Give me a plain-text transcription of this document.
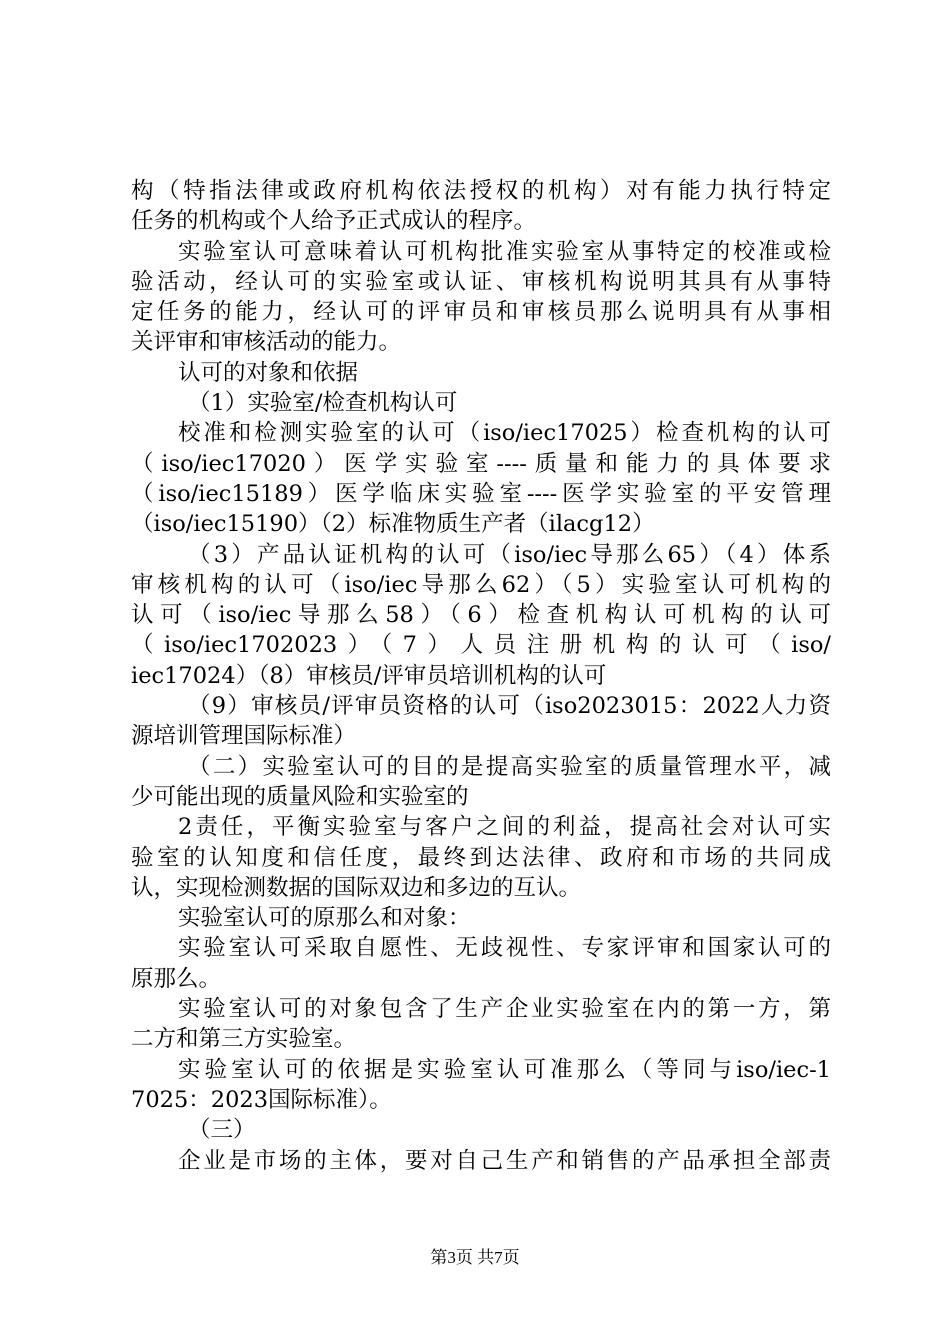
构（特指法律或政府机构依法授权的机构）对有能力执行特定
任务的机构或个人给予正式成认的程序。
实验室认可意味着认可机构批准实验室从事特定的校准或检
验活动，经认可的实验室或认证、审核机构说明其具有从事特
定任务的能力，经认可的评审员和审核员那么说明具有从事相
关评审和审核活动的能力。
认可的对象和依据
（1）实验室/检查机构认可
校准和检测实验室的认可（iso/iec17025）检查机构的认可
（iso/iec17020）医学实验室----质量和能力的具体要求
（iso/iec15189）医学临床实验室----医学实验室的平安管理
（iso/iec15190）（2）标准物质生产者（ilacg12）
（3）产品认证机构的认可（iso/iec导那么65）（4）体系
审核机构的认可（iso/iec导那么62）（5）实验室认可机构的
认可（iso/iec导那么58）（6）检查机构认可机构的认可
（iso/iec1702023）（7）人员注册机构的认可（iso/
iec17024）（8）审核员/评审员培训机构的认可
（9）审核员/评审员资格的认可（iso2023015：2022人力资
源培训管理国际标准）
（二）实验室认可的目的是提高实验室的质量管理水平，减
少可能出现的质量风险和实验室的
2责任，平衡实验室与客户之间的利益，提高社会对认可实
验室的认知度和信任度，最终到达法律、政府和市场的共同成
认，实现检测数据的国际双边和多边的互认。
实验室认可的原那么和对象：
实验室认可采取自愿性、无歧视性、专家评审和国家认可的
原那么。
实验室认可的对象包含了生产企业实验室在内的第一方，第
二方和第三方实验室。
实验室认可的依据是实验室认可准那么（等同与iso/iec-1
7025：2023国际标准）。
（三）
企业是市场的主体，要对自己生产和销售的产品承担全部责
第3页 共7页
